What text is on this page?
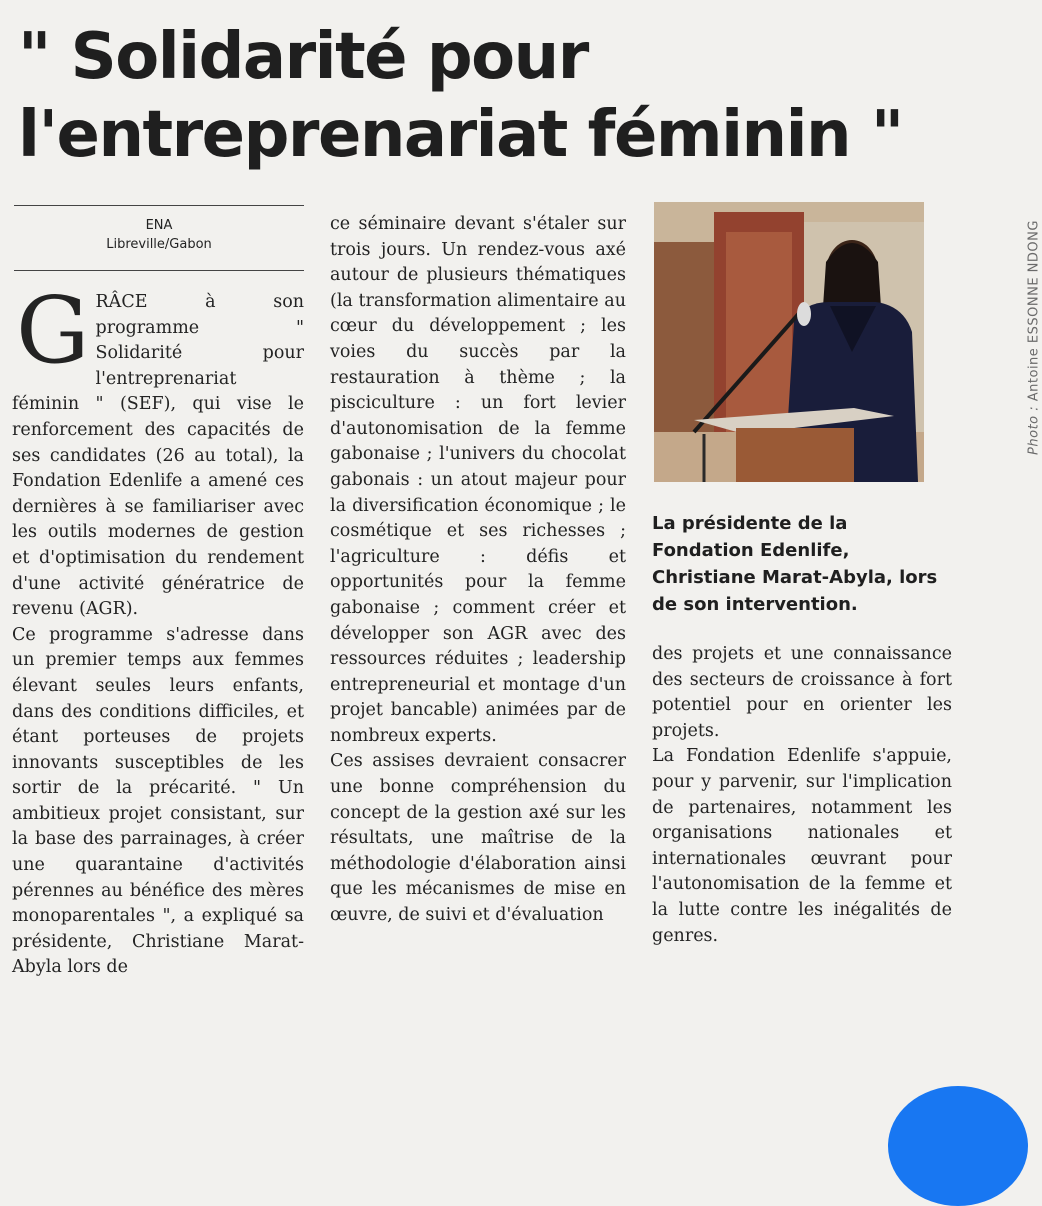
" Solidarité pour l'entreprenariat féminin "
ENA
Libreville/Gabon

GRÂCE à son programme " Solidarité pour l'entreprenariat féminin " (SEF), qui vise le renforcement des capacités de ses candidates (26 au total), la Fondation Edenlife a amené ces dernières à se familiariser avec les outils modernes de gestion et d'optimisation du rendement d'une activité génératrice de revenu (AGR).

Ce programme s'adresse dans un premier temps aux femmes élevant seules leurs enfants, dans des conditions difficiles, et étant porteuses de projets innovants susceptibles de les sortir de la précarité. " Un ambitieux projet consistant, sur la base des parrainages, à créer une quarantaine d'activités pérennes au bénéfice des mères monoparentales ", a expliqué sa présidente, Christiane Marat-Abyla lors de

ce séminaire devant s'étaler sur trois jours. Un rendez-vous axé autour de plusieurs thématiques (la transformation alimentaire au cœur du développement ; les voies du succès par la restauration à thème ; la pisciculture : un fort levier d'autonomisation de la femme gabonaise ; l'univers du chocolat gabonais : un atout majeur pour la diversification économique ; le cosmétique et ses richesses ; l'agriculture : défis et opportunités pour la femme gabonaise ; comment créer et développer son AGR avec des ressources réduites ; leadership entrepreneurial et montage d'un projet bancable) animées par de nombreux experts.

Ces assises devraient consacrer une bonne compréhension du concept de la gestion axé sur les résultats, une maîtrise de la méthodologie d'élaboration ainsi que les mécanismes de mise en œuvre, de suivi et d'évaluation

Photo : Antoine ESSONNE NDONG

La présidente de la Fondation Edenlife, Christiane Marat-Abyla, lors de son intervention.

des projets et une connaissance des secteurs de croissance à fort potentiel pour en orienter les projets.

La Fondation Edenlife s'appuie, pour y parvenir, sur l'implication de partenaires, notamment les organisations nationales et internationales œuvrant pour l'autonomisation de la femme et la lutte contre les inégalités de genres.
